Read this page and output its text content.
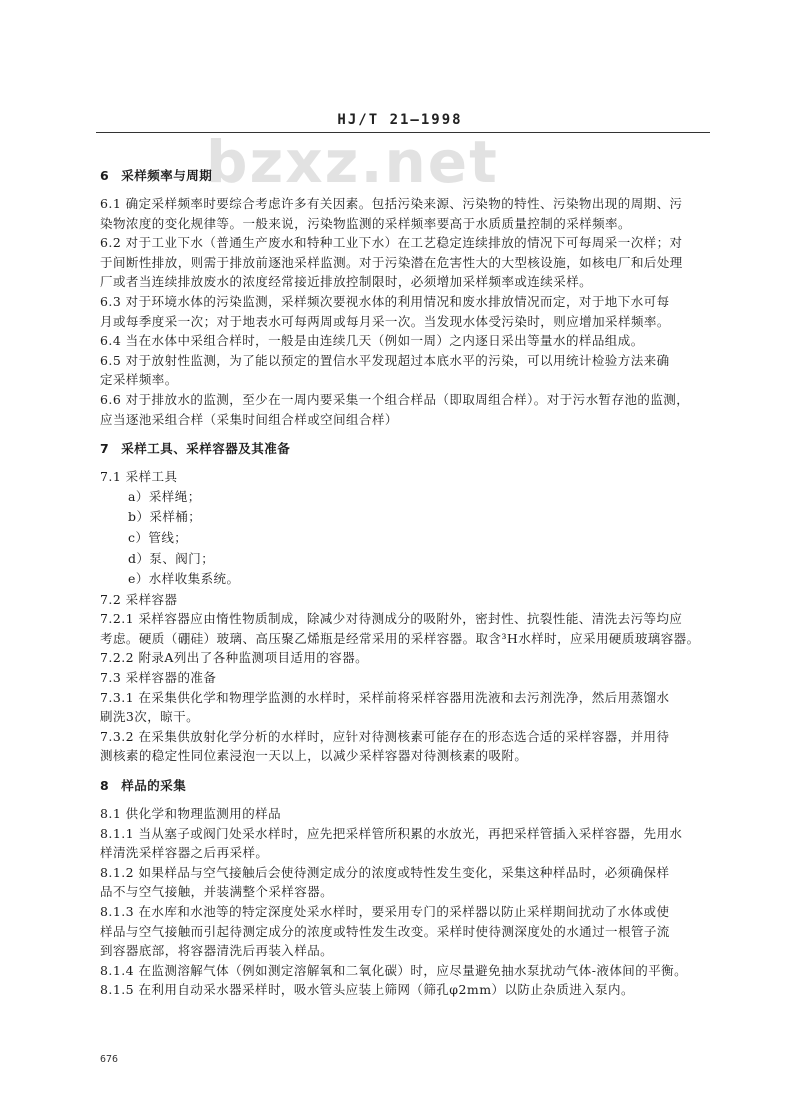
HJ/T 21—1998
bzxz.net
6 采样频率与周期
6.1 确定采样频率时要综合考虑许多有关因素。包括污染来源、污染物的特性、污染物出现的周期、污
染物浓度的变化规律等。一般来说，污染物监测的采样频率要高于水质质量控制的采样频率。
6.2 对于工业下水（普通生产废水和特种工业下水）在工艺稳定连续排放的情况下可每周采一次样；对
于间断性排放，则需于排放前逐池采样监测。对于污染潜在危害性大的大型核设施，如核电厂和后处理
厂或者当连续排放废水的浓度经常接近排放控制限时，必须增加采样频率或连续采样。
6.3 对于环境水体的污染监测，采样频次要视水体的利用情况和废水排放情况而定，对于地下水可每
月或每季度采一次；对于地表水可每两周或每月采一次。当发现水体受污染时，则应增加采样频率。
6.4 当在水体中采组合样时，一般是由连续几天（例如一周）之内逐日采出等量水的样品组成。
6.5 对于放射性监测，为了能以预定的置信水平发现超过本底水平的污染，可以用统计检验方法来确
定采样频率。
6.6 对于排放水的监测，至少在一周内要采集一个组合样品（即取周组合样）。对于污水暂存池的监测，
应当逐池采组合样（采集时间组合样或空间组合样）
7 采样工具、采样容器及其准备
7.1 采样工具
a）采样绳；
b）采样桶；
c）管线；
d）泵、阀门；
e）水样收集系统。
7.2 采样容器
7.2.1 采样容器应由惰性物质制成，除减少对待测成分的吸附外，密封性、抗裂性能、清洗去污等均应
考虑。硬质（硼硅）玻璃、高压聚乙烯瓶是经常采用的采样容器。取含³H水样时，应采用硬质玻璃容器。
7.2.2 附录A列出了各种监测项目适用的容器。
7.3 采样容器的准备
7.3.1 在采集供化学和物理学监测的水样时，采样前将采样容器用洗液和去污剂洗净，然后用蒸馏水
刷洗3次，晾干。
7.3.2 在采集供放射化学分析的水样时，应针对待测核素可能存在的形态选合适的采样容器，并用待
测核素的稳定性同位素浸泡一天以上，以减少采样容器对待测核素的吸附。
8 样品的采集
8.1 供化学和物理监测用的样品
8.1.1 当从塞子或阀门处采水样时，应先把采样管所积累的水放光，再把采样管插入采样容器，先用水
样清洗采样容器之后再采样。
8.1.2 如果样品与空气接触后会使待测定成分的浓度或特性发生变化，采集这种样品时，必须确保样
品不与空气接触，并装满整个采样容器。
8.1.3 在水库和水池等的特定深度处采水样时，要采用专门的采样器以防止采样期间扰动了水体或使
样品与空气接触而引起待测定成分的浓度或特性发生改变。采样时使待测深度处的水通过一根管子流
到容器底部，将容器清洗后再装入样品。
8.1.4 在监测溶解气体（例如测定溶解氧和二氧化碳）时，应尽量避免抽水泵扰动气体-液体间的平衡。
8.1.5 在利用自动采水器采样时，吸水管头应装上筛网（筛孔φ2mm）以防止杂质进入泵内。
676
